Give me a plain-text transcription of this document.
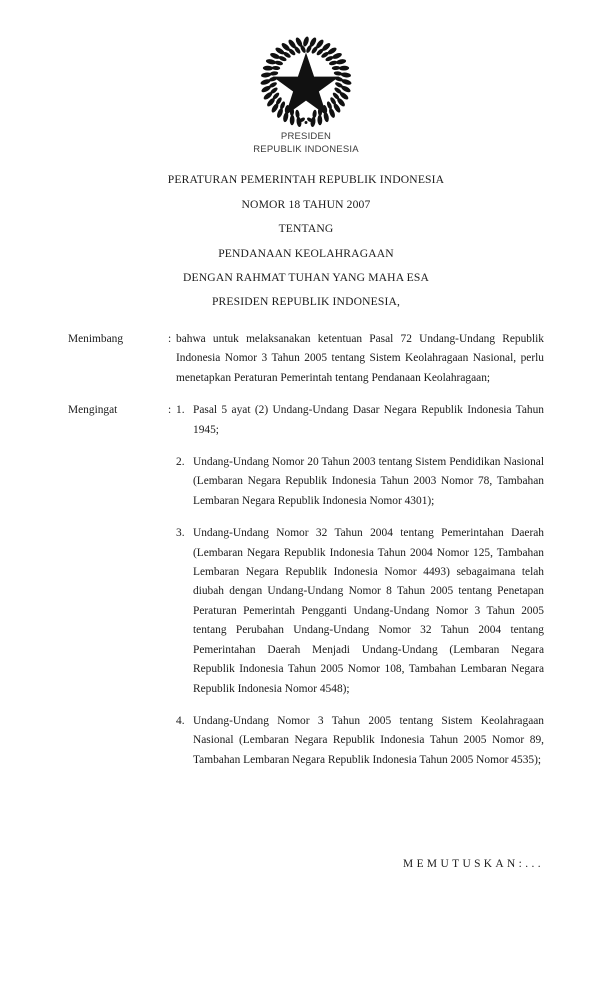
PRESIDEN
REPUBLIK INDONESIA
PERATURAN PEMERINTAH REPUBLIK INDONESIA
NOMOR 18 TAHUN 2007
TENTANG
PENDANAAN KEOLAHRAGAAN
DENGAN RAHMAT TUHAN YANG MAHA ESA
PRESIDEN REPUBLIK INDONESIA,
Menimbang	: bahwa untuk melaksanakan ketentuan Pasal 72 Undang-Undang Republik Indonesia Nomor 3 Tahun 2005 tentang Sistem Keolahragaan Nasional, perlu menetapkan Peraturan Pemerintah tentang Pendanaan Keolahragaan;

Mengingat	: 1. Pasal 5 ayat (2) Undang-Undang Dasar Negara Republik Indonesia Tahun 1945;
2. Undang-Undang Nomor 20 Tahun 2003 tentang Sistem Pendidikan Nasional (Lembaran Negara Republik Indonesia Tahun 2003 Nomor 78, Tambahan Lembaran Negara Republik Indonesia Nomor 4301);
3. Undang-Undang Nomor 32 Tahun 2004 tentang Pemerintahan Daerah (Lembaran Negara Republik Indonesia Tahun 2004 Nomor 125, Tambahan Lembaran Negara Republik Indonesia Nomor 4493) sebagaimana telah diubah dengan Undang-Undang Nomor 8 Tahun 2005 tentang Penetapan Peraturan Pemerintah Pengganti Undang-Undang Nomor 3 Tahun 2005 tentang Perubahan Undang-Undang Nomor 32 Tahun 2004 tentang Pemerintahan Daerah Menjadi Undang-Undang (Lembaran Negara Republik Indonesia Tahun 2005 Nomor 108, Tambahan Lembaran Negara Republik Indonesia Nomor 4548);
4. Undang-Undang Nomor 3 Tahun 2005 tentang Sistem Keolahragaan Nasional (Lembaran Negara Republik Indonesia Tahun 2005 Nomor 89, Tambahan Lembaran Negara Republik Indonesia Tahun 2005 Nomor 4535);
MEMUTUSKAN:...
